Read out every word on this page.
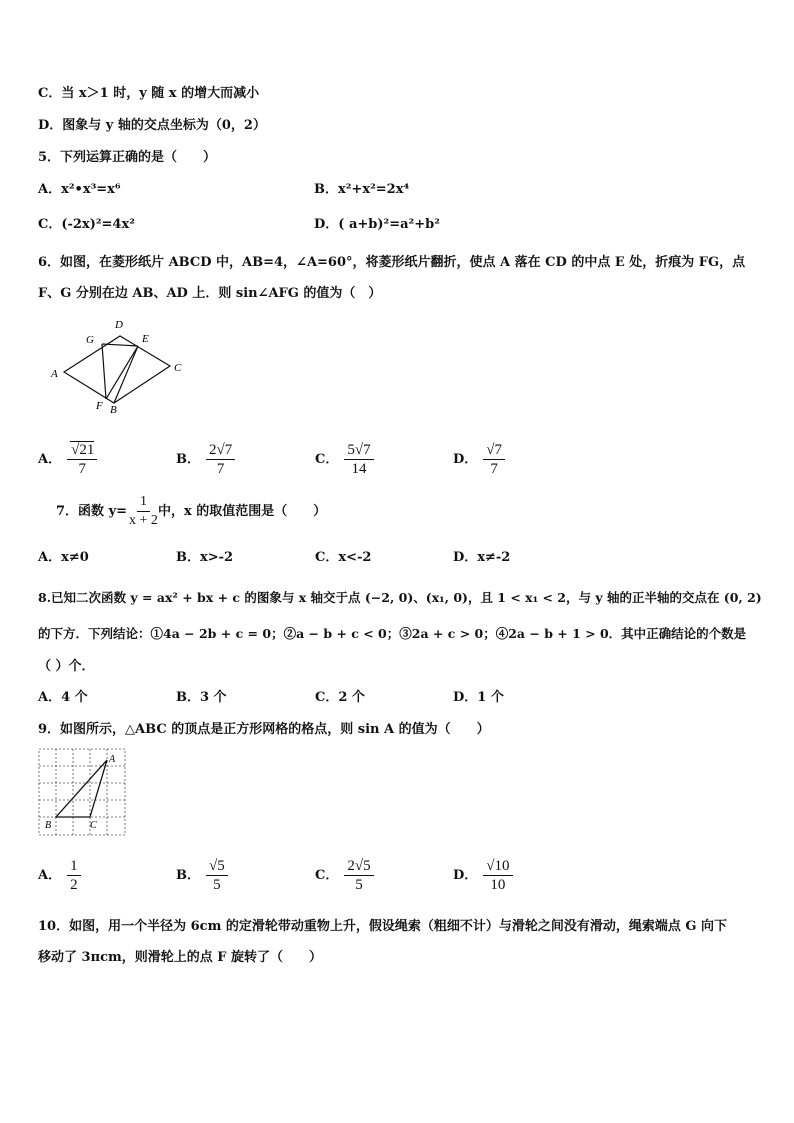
C．当 x＞1 时，y 随 x 的增大而减小
D．图象与 y 轴的交点坐标为（0，2）
5．下列运算正确的是（　　）
A．x²•x³=x⁶	B．x²+x²=2x⁴
C．(-2x)²=4x²	D．( a+b)²=a²+b²
6．如图，在菱形纸片 ABCD 中，AB=4，∠A=60°，将菱形纸片翻折，使点 A 落在 CD 的中点 E 处，折痕为 FG，点
F、G 分别在边 AB、AD 上．则 sin∠AFG 的值为（　）
G
D
E
A	C
F B
A． $\frac{√21}{7}$	B． $\frac{2√7}{7}$	C． $\frac{5√7}{14}$	D． $\frac{√7}{7}$
7．函数 $y= \frac{1}{x + 2}$ 中，x 的取值范围是（　　）
A．x≠0	B．x>-2	C．x<-2	D．x≠-2
8.已知二次函数 y = ax² + bx + c 的图象与 x 轴交于点 (−2, 0)、(x₁, 0)，且 1 < x₁ < 2，与 y 轴的正半轴的交点在 (0, 2)
的下方．下列结论：①4a − 2b + c = 0；②a − b + c < 0；③2a + c > 0；④2a − b + 1 > 0．其中正确结论的个数是
（ ）个．
A．4 个	B．3 个	C．2 个	D．1 个
9．如图所示，△ABC 的顶点是正方形网格的格点，则 sin A 的值为（　　）
A
B	C
A． $\frac{1}{2}$	B． $\frac{√5}{5}$	C． $\frac{2√5}{5}$	D． $\frac{√10}{10}$
10．如图，用一个半径为 6cm 的定滑轮带动重物上升，假设绳索（粗细不计）与滑轮之间没有滑动，绳索端点 G 向下
移动了 3πcm，则滑轮上的点 F 旋转了（　　）
